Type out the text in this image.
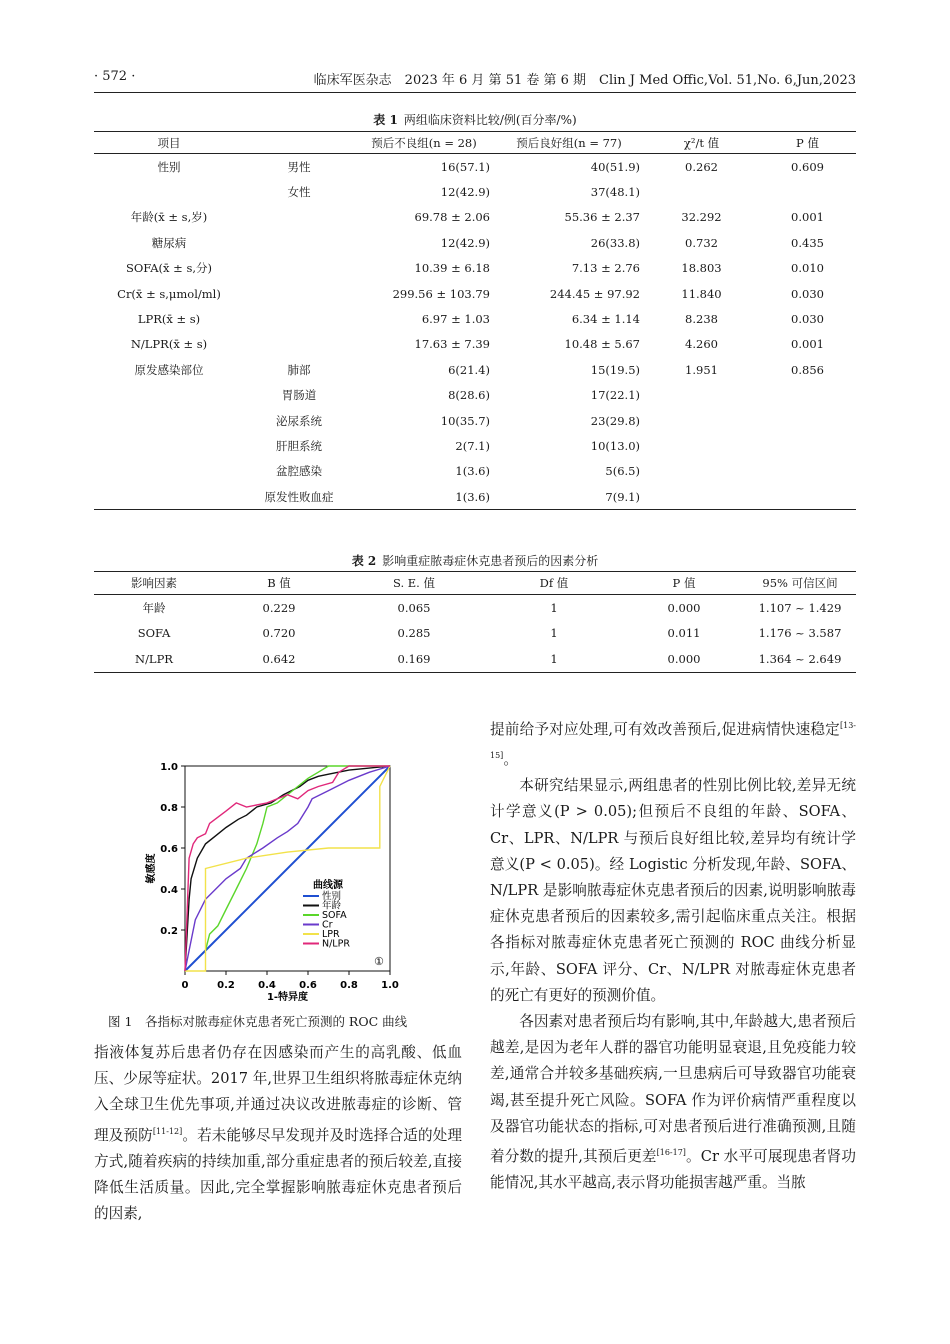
· 572 ·	临床军医杂志　2023 年 6 月 第 51 卷 第 6 期　Clin J Med Offic,Vol. 51,No. 6,Jun,2023
表 1 两组临床资料比较/例(百分率/%)
项目		预后不良组(n = 28)	预后良好组(n = 77)	χ²/t 值	P 值
性别	男性	16(57.1)	40(51.9)	0.262	0.609
	女性	12(42.9)	37(48.1)		
年龄(x̄ ± s,岁)		69.78 ± 2.06	55.36 ± 2.37	32.292	0.001
糖尿病		12(42.9)	26(33.8)	0.732	0.435
SOFA(x̄ ± s,分)		10.39 ± 6.18	7.13 ± 2.76	18.803	0.010
Cr(x̄ ± s,μmol/ml)		299.56 ± 103.79	244.45 ± 97.92	11.840	0.030
LPR(x̄ ± s)		6.97 ± 1.03	6.34 ± 1.14	8.238	0.030
N/LPR(x̄ ± s)		17.63 ± 7.39	10.48 ± 5.67	4.260	0.001
原发感染部位	肺部	6(21.4)	15(19.5)	1.951	0.856
	胃肠道	8(28.6)	17(22.1)		
	泌尿系统	10(35.7)	23(29.8)		
	肝胆系统	2(7.1)	10(13.0)		
	盆腔感染	1(3.6)	5(6.5)		
	原发性败血症	1(3.6)	7(9.1)		
表 2 影响重症脓毒症休克患者预后的因素分析
影响因素	B 值	S. E. 值	Df 值	P 值	95% 可信区间
年龄	0.229	0.065	1	0.000	1.107 ~ 1.429
SOFA	0.720	0.285	1	0.011	1.176 ~ 3.587
N/LPR	0.642	0.169	1	0.000	1.364 ~ 2.649
0	0.2 0.4 0.6 0.8 1.0
0.2
0.4
0.6
0.8
1.0
1-特异度
敏感度
曲线源
性别
年龄
SOFA
Cr
LPR
N/LPR
①
图 1　 各指标对脓毒症休克患者死亡预测的 ROC 曲线
指液体复苏后患者仍存在因感染而产生的高乳酸、低血压、少尿等症状。2017 年,世界卫生组织将脓毒症休克纳入全球卫生优先事项,并通过决议改进脓毒症的诊断、管理及预防[11-12]。若未能够尽早发现并及时选择合适的处理方式,随着疾病的持续加重,部分重症患者的预后较差,直接降低生活质量。因此,完全掌握影响脓毒症休克患者预后的因素,
提前给予对应处理,可有效改善预后,促进病情快速稳定[13-15]。
本研究结果显示,两组患者的性别比例比较,差异无统计学意义(P > 0.05);但预后不良组的年龄、SOFA、Cr、LPR、N/LPR 与预后良好组比较,差异均有统计学意义(P < 0.05)。经 Logistic 分析发现,年龄、SOFA、N/LPR 是影响脓毒症休克患者预后的因素,说明影响脓毒症休克患者预后的因素较多,需引起临床重点关注。根据各指标对脓毒症休克患者死亡预测的 ROC 曲线分析显示,年龄、SOFA 评分、Cr、N/LPR 对脓毒症休克患者的死亡有更好的预测价值。
各因素对患者预后均有影响,其中,年龄越大,患者预后越差,是因为老年人群的器官功能明显衰退,且免疫能力较差,通常合并较多基础疾病,一旦患病后可导致器官功能衰竭,甚至提升死亡风险。SOFA 作为评价病情严重程度以及器官功能状态的指标,可对患者预后进行准确预测,且随着分数的提升,其预后更差[16-17]。Cr 水平可展现患者肾功能情况,其水平越高,表示肾功能损害越严重。当脓
